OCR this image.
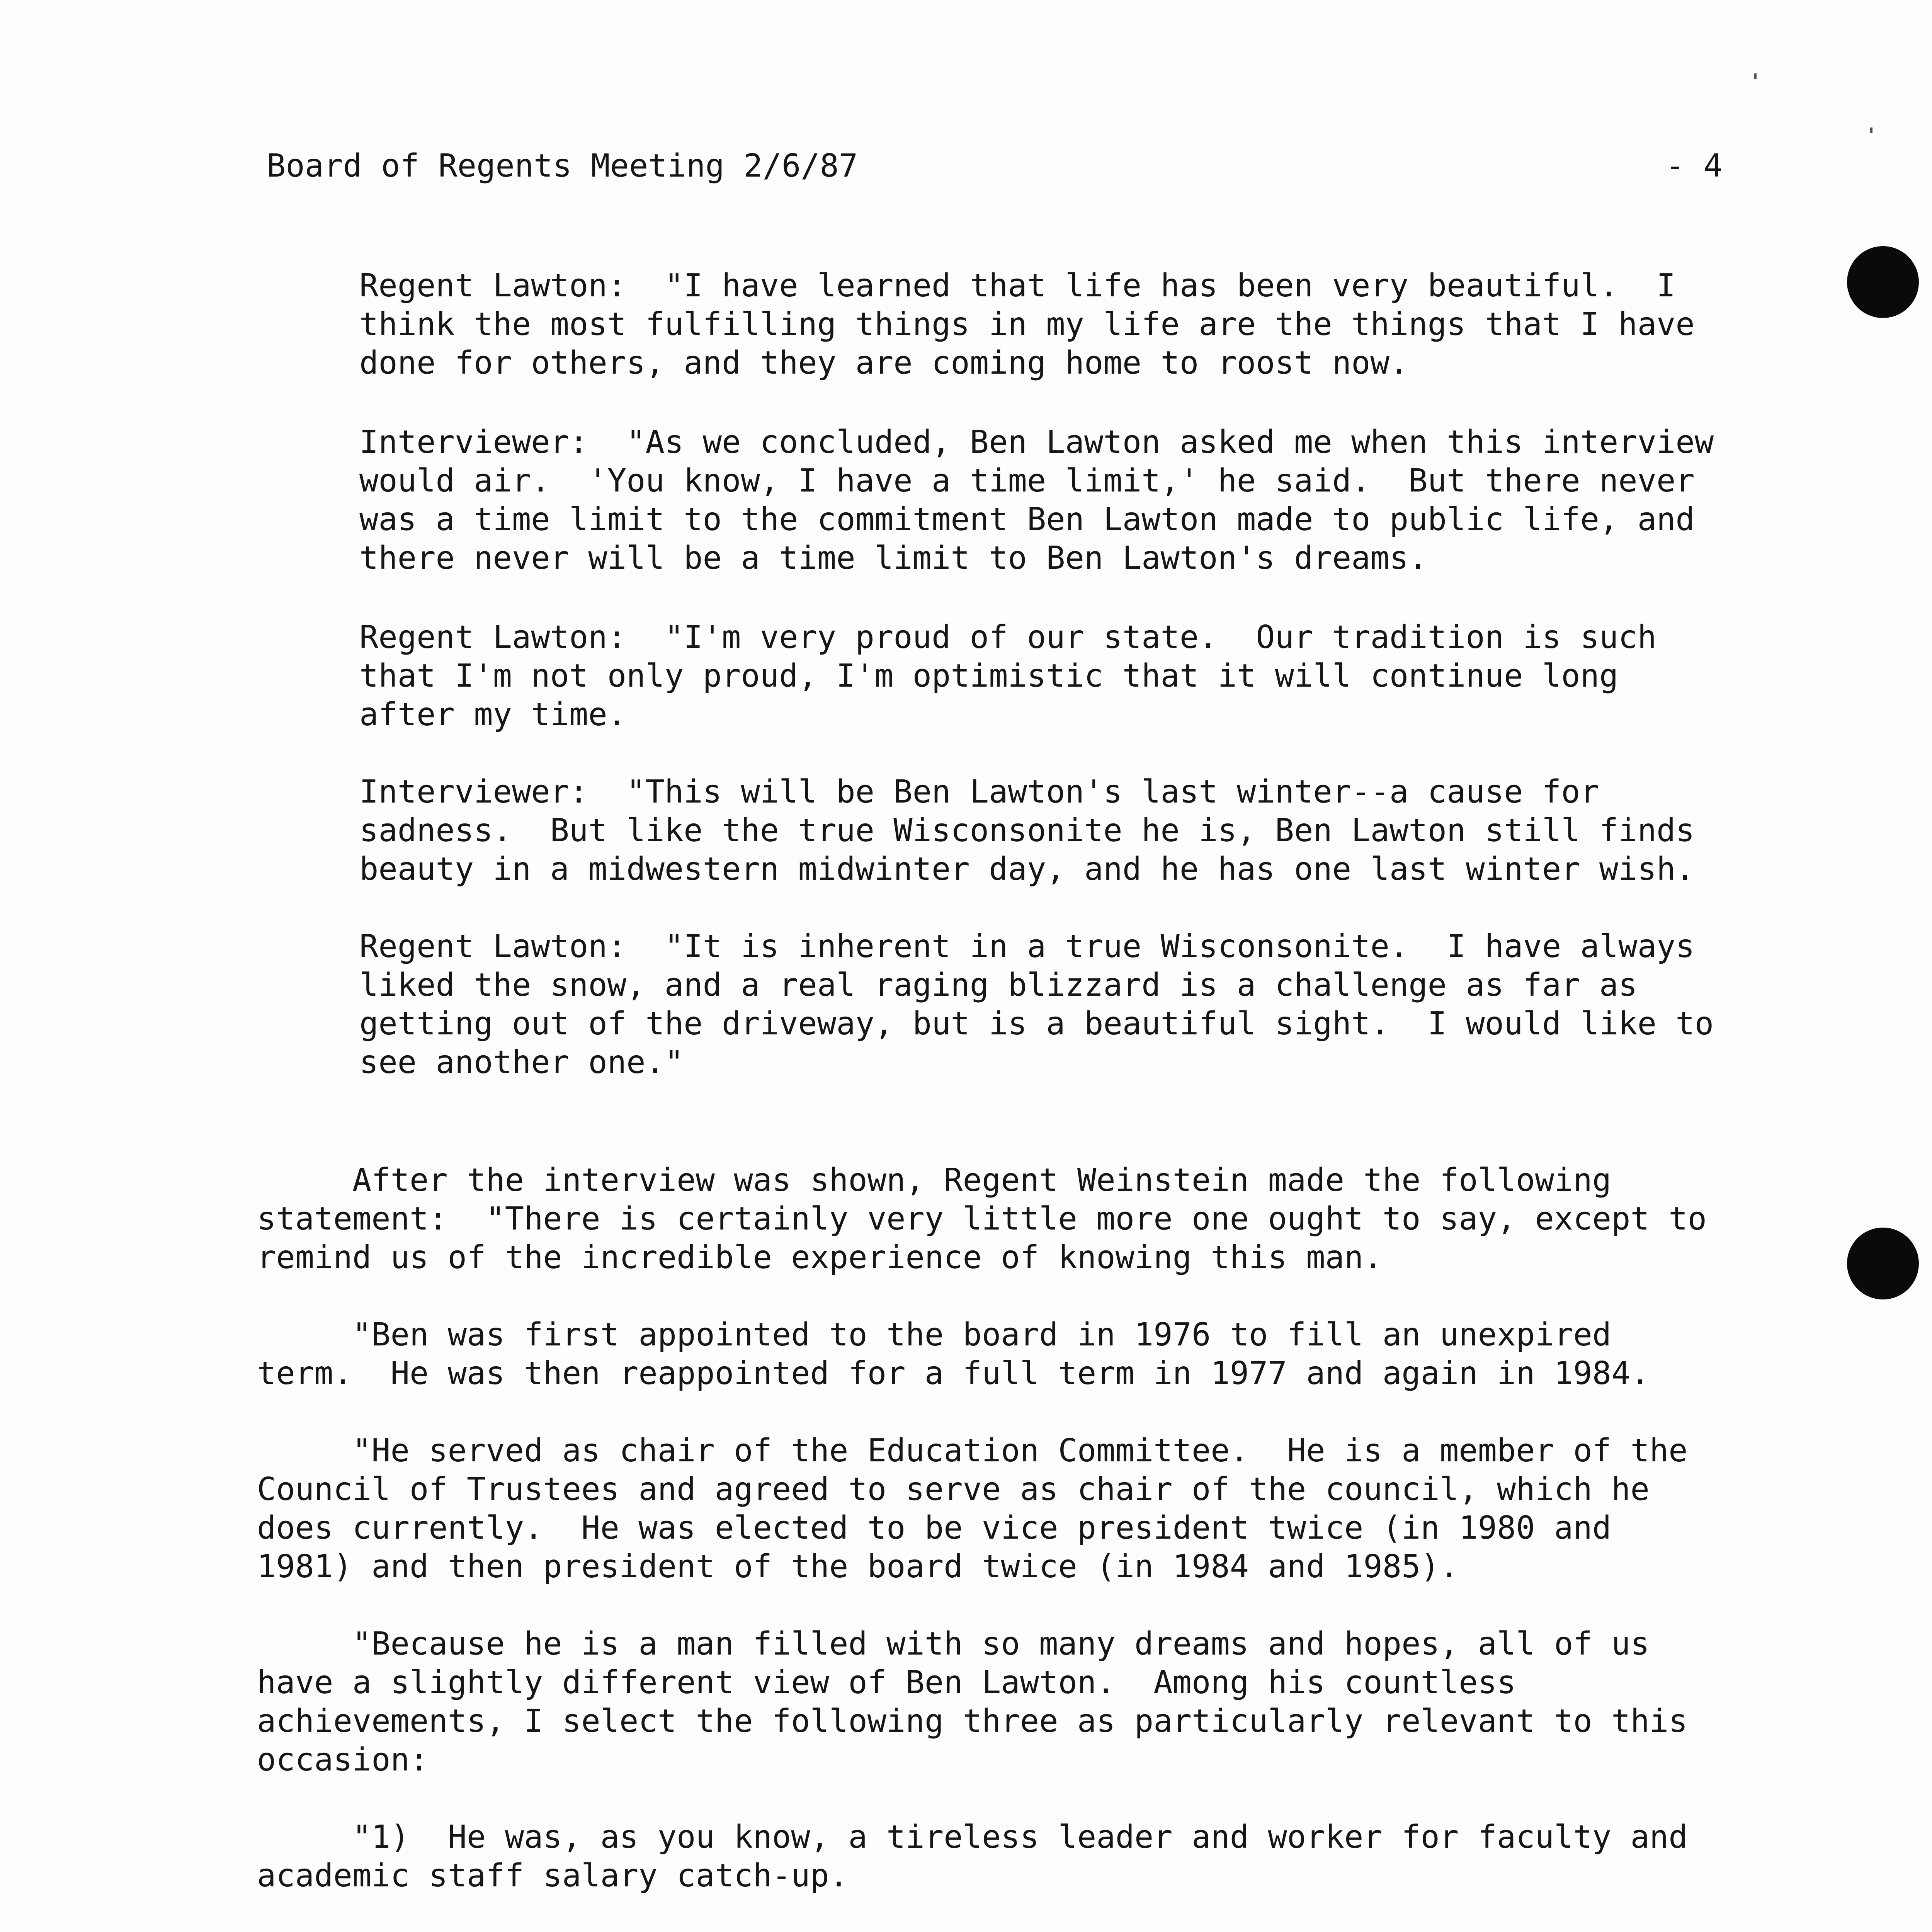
Board of Regents Meeting 2/6/87

	- 4

Regent Lawton:  "I have learned that life has been very beautiful.  I
think the most fulfilling things in my life are the things that I have
done for others, and they are coming home to roost now.

Interviewer:  "As we concluded, Ben Lawton asked me when this interview
would air.  'You know, I have a time limit,' he said.  But there never
was a time limit to the commitment Ben Lawton made to public life, and
there never will be a time limit to Ben Lawton's dreams.

Regent Lawton:  "I'm very proud of our state.  Our tradition is such
that I'm not only proud, I'm optimistic that it will continue long
after my time.

Interviewer:  "This will be Ben Lawton's last winter--a cause for
sadness.  But like the true Wisconsonite he is, Ben Lawton still finds
beauty in a midwestern midwinter day, and he has one last winter wish.

Regent Lawton:  "It is inherent in a true Wisconsonite.  I have always
liked the snow, and a real raging blizzard is a challenge as far as
getting out of the driveway, but is a beautiful sight.  I would like to
see another one."

After the interview was shown, Regent Weinstein made the following
statement:  "There is certainly very little more one ought to say, except to
remind us of the incredible experience of knowing this man.

"Ben was first appointed to the board in 1976 to fill an unexpired
term.  He was then reappointed for a full term in 1977 and again in 1984.

"He served as chair of the Education Committee.  He is a member of the
Council of Trustees and agreed to serve as chair of the council, which he
does currently.  He was elected to be vice president twice (in 1980 and
1981) and then president of the board twice (in 1984 and 1985).

"Because he is a man filled with so many dreams and hopes, all of us
have a slightly different view of Ben Lawton.  Among his countless
achievements, I select the following three as particularly relevant to this
occasion:

"1)  He was, as you know, a tireless leader and worker for faculty and
academic staff salary catch-up.
